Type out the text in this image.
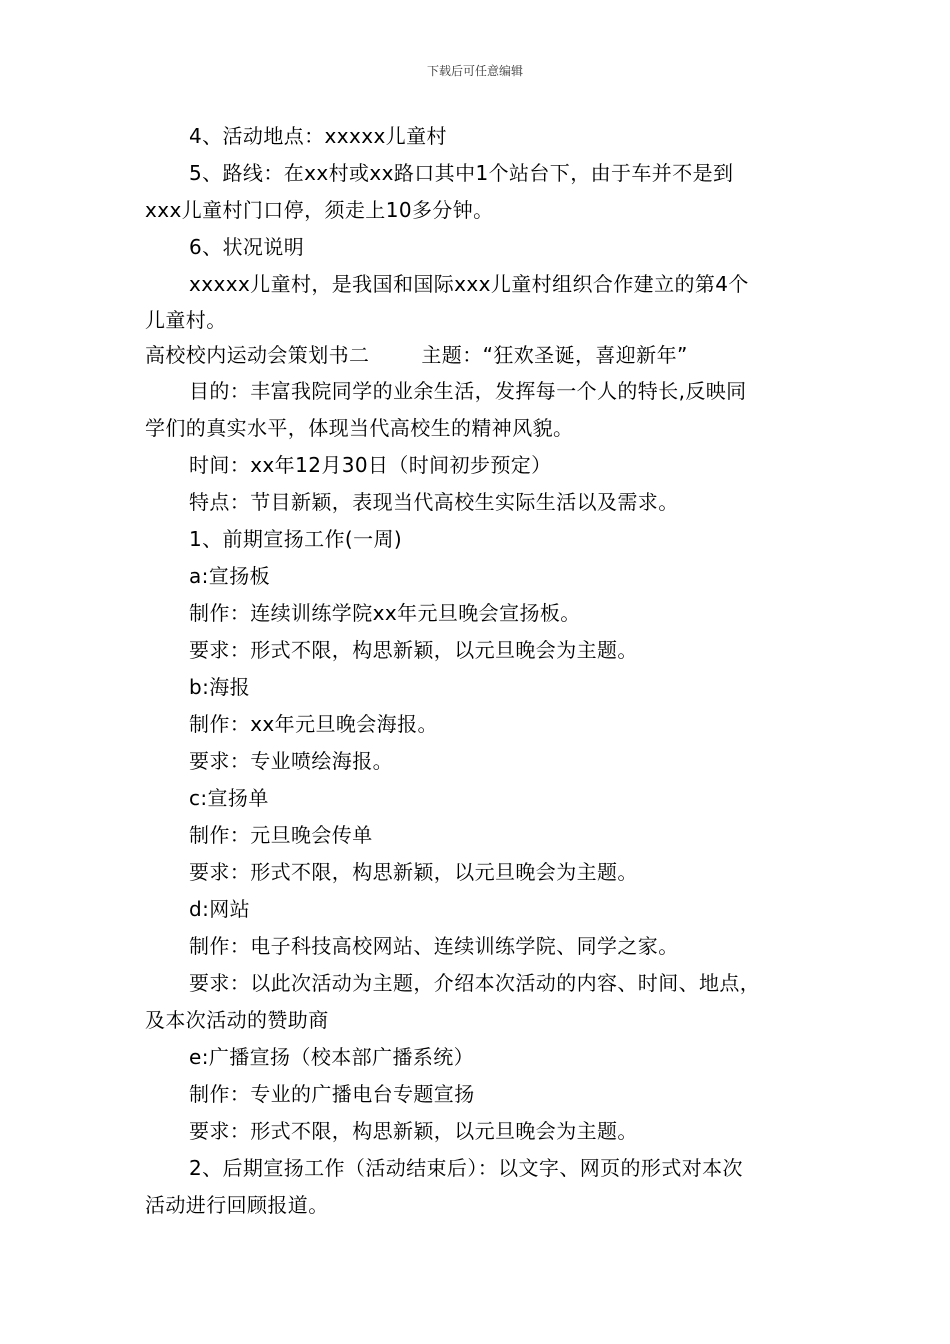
下载后可任意编辑

4、活动地点：xxxxx儿童村

5、路线：在xx村或xx路口其中1个站台下，由于车并不是到

xxx儿童村门口停，须走上10多分钟。

6、状况说明

xxxxx儿童村，是我国和国际xxx儿童村组织合作建立的第4个

儿童村。

高校校内运动会策划书二	主题：“狂欢圣诞，喜迎新年”

目的：丰富我院同学的业余生活，发挥每一个人的特长,反映同

学们的真实水平，体现当代高校生的精神风貌。

时间：xx年12月30日（时间初步预定）

特点：节目新颖，表现当代高校生实际生活以及需求。

1、前期宣扬工作(一周)

a:宣扬板

制作：连续训练学院xx年元旦晚会宣扬板。

要求：形式不限，构思新颖，以元旦晚会为主题。

b:海报

制作：xx年元旦晚会海报。

要求：专业喷绘海报。

c:宣扬单

制作：元旦晚会传单

要求：形式不限，构思新颖，以元旦晚会为主题。

d:网站

制作：电子科技高校网站、连续训练学院、同学之家。

要求：以此次活动为主题，介绍本次活动的内容、时间、地点，

及本次活动的赞助商

e:广播宣扬（校本部广播系统）

制作：专业的广播电台专题宣扬

要求：形式不限，构思新颖，以元旦晚会为主题。

2、后期宣扬工作（活动结束后）：以文字、网页的形式对本次

活动进行回顾报道。
